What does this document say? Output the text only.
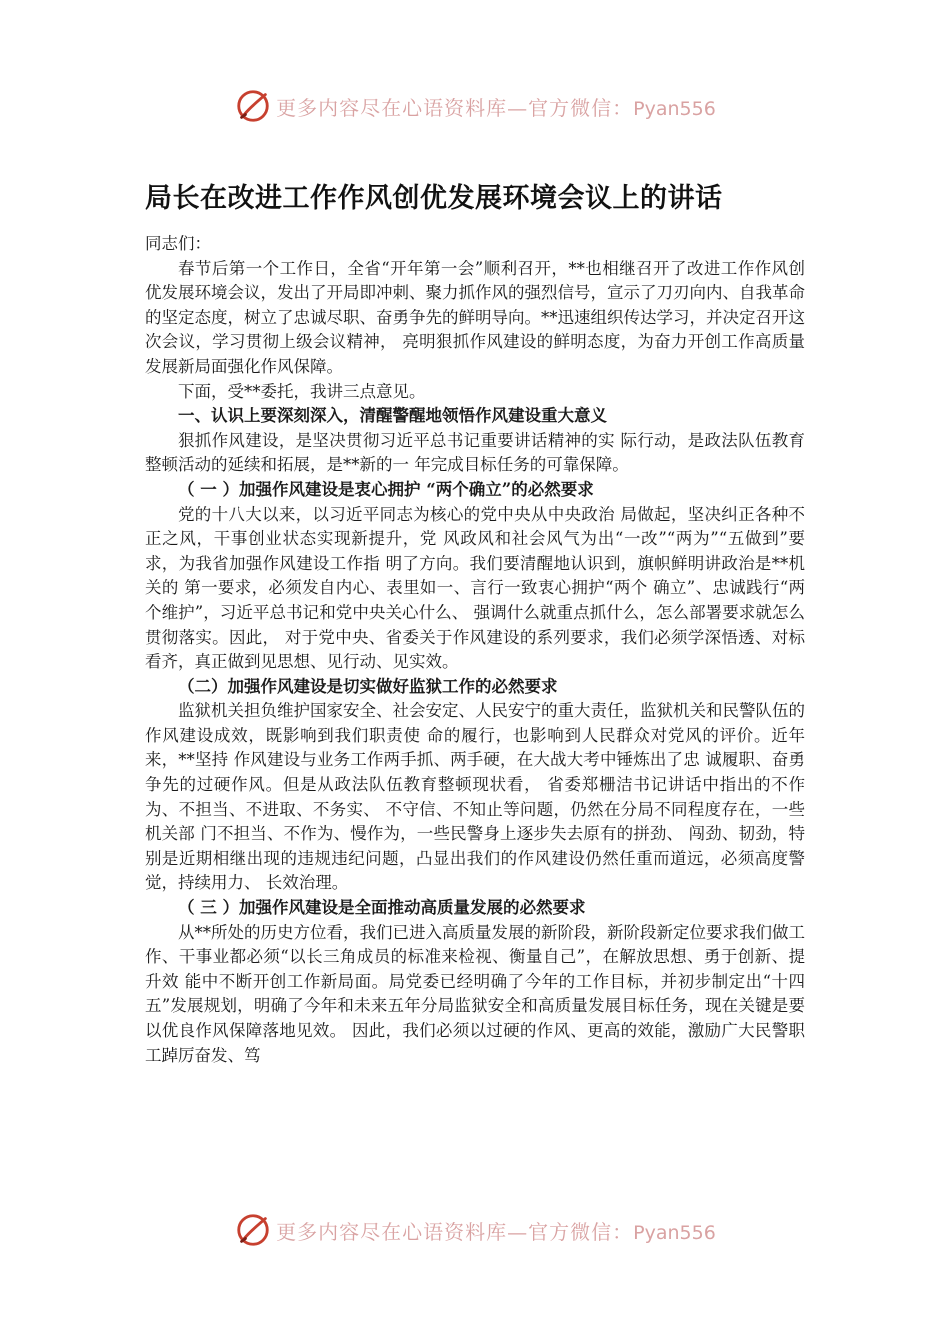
更多内容尽在心语资料库—官方微信：Pyan556
局长在改进工作作风创优发展环境会议上的讲话

同志们：

春节后第一个工作日，全省“开年第一会”顺利召开，**也相继召开了改进工作作风创优发展环境会议，发出了开局即冲刺、聚力抓作风的强烈信号，宣示了刀刃向内、自我革命的坚定态度，树立了忠诚尽职、奋勇争先的鲜明导向。**迅速组织传达学习，并决定召开这次会议，学习贯彻上级会议精神， 亮明狠抓作风建设的鲜明态度，为奋力开创工作高质量发展新局面强化作风保障。

下面，受**委托，我讲三点意见。

一、认识上要深刻深入，清醒警醒地领悟作风建设重大意义

狠抓作风建设，是坚决贯彻习近平总书记重要讲话精神的实 际行动，是政法队伍教育整顿活动的延续和拓展，是**新的一 年完成目标任务的可靠保障。

（ 一 ）加强作风建设是衷心拥护 “两个确立”的必然要求

党的十八大以来，以习近平同志为核心的党中央从中央政治 局做起，坚决纠正各种不正之风，干事创业状态实现新提升，党 风政风和社会风气为出“一改”“两为”“五做到”要求，为我省加强作风建设工作指 明了方向。我们要清醒地认识到，旗帜鲜明讲政治是**机关的 第一要求，必须发自内心、表里如一、言行一致衷心拥护“两个 确立”、忠诚践行“两个维护”，习近平总书记和党中央关心什么、 强调什么就重点抓什么，怎么部署要求就怎么贯彻落实。因此， 对于党中央、省委关于作风建设的系列要求，我们必须学深悟透、对标看齐，真正做到见思想、见行动、见实效。

（二）加强作风建设是切实做好监狱工作的必然要求

监狱机关担负维护国家安全、社会安定、人民安宁的重大责任，监狱机关和民警队伍的作风建设成效，既影响到我们职责使 命的履行，也影响到人民群众对党风的评价。近年来，**坚持 作风建设与业务工作两手抓、两手硬，在大战大考中锤炼出了忠 诚履职、奋勇争先的过硬作风。但是从政法队伍教育整顿现状看， 省委郑栅洁书记讲话中指出的不作为、不担当、不进取、不务实、 不守信、不知止等问题，仍然在分局不同程度存在，一些机关部 门不担当、不作为、慢作为，一些民警身上逐步失去原有的拼劲、 闯劲、韧劲，特别是近期相继出现的违规违纪问题，凸显出我们的作风建设仍然任重而道远，必须高度警觉，持续用力、 长效治理。

（ 三 ）加强作风建设是全面推动高质量发展的必然要求

从**所处的历史方位看，我们已进入高质量发展的新阶段，新阶段新定位要求我们做工作、干事业都必须“以长三角成员的标准来检视、衡量自己”，在解放思想、勇于创新、提升效 能中不断开创工作新局面。局党委已经明确了今年的工作目标，并初步制定出“十四五”发展规划，明确了今年和未来五年分局监狱安全和高质量发展目标任务，现在关键是要以优良作风保障落地见效。 因此，我们必须以过硬的作风、更高的效能，激励广大民警职工踔厉奋发、笃

更多内容尽在心语资料库—官方微信：Pyan556
